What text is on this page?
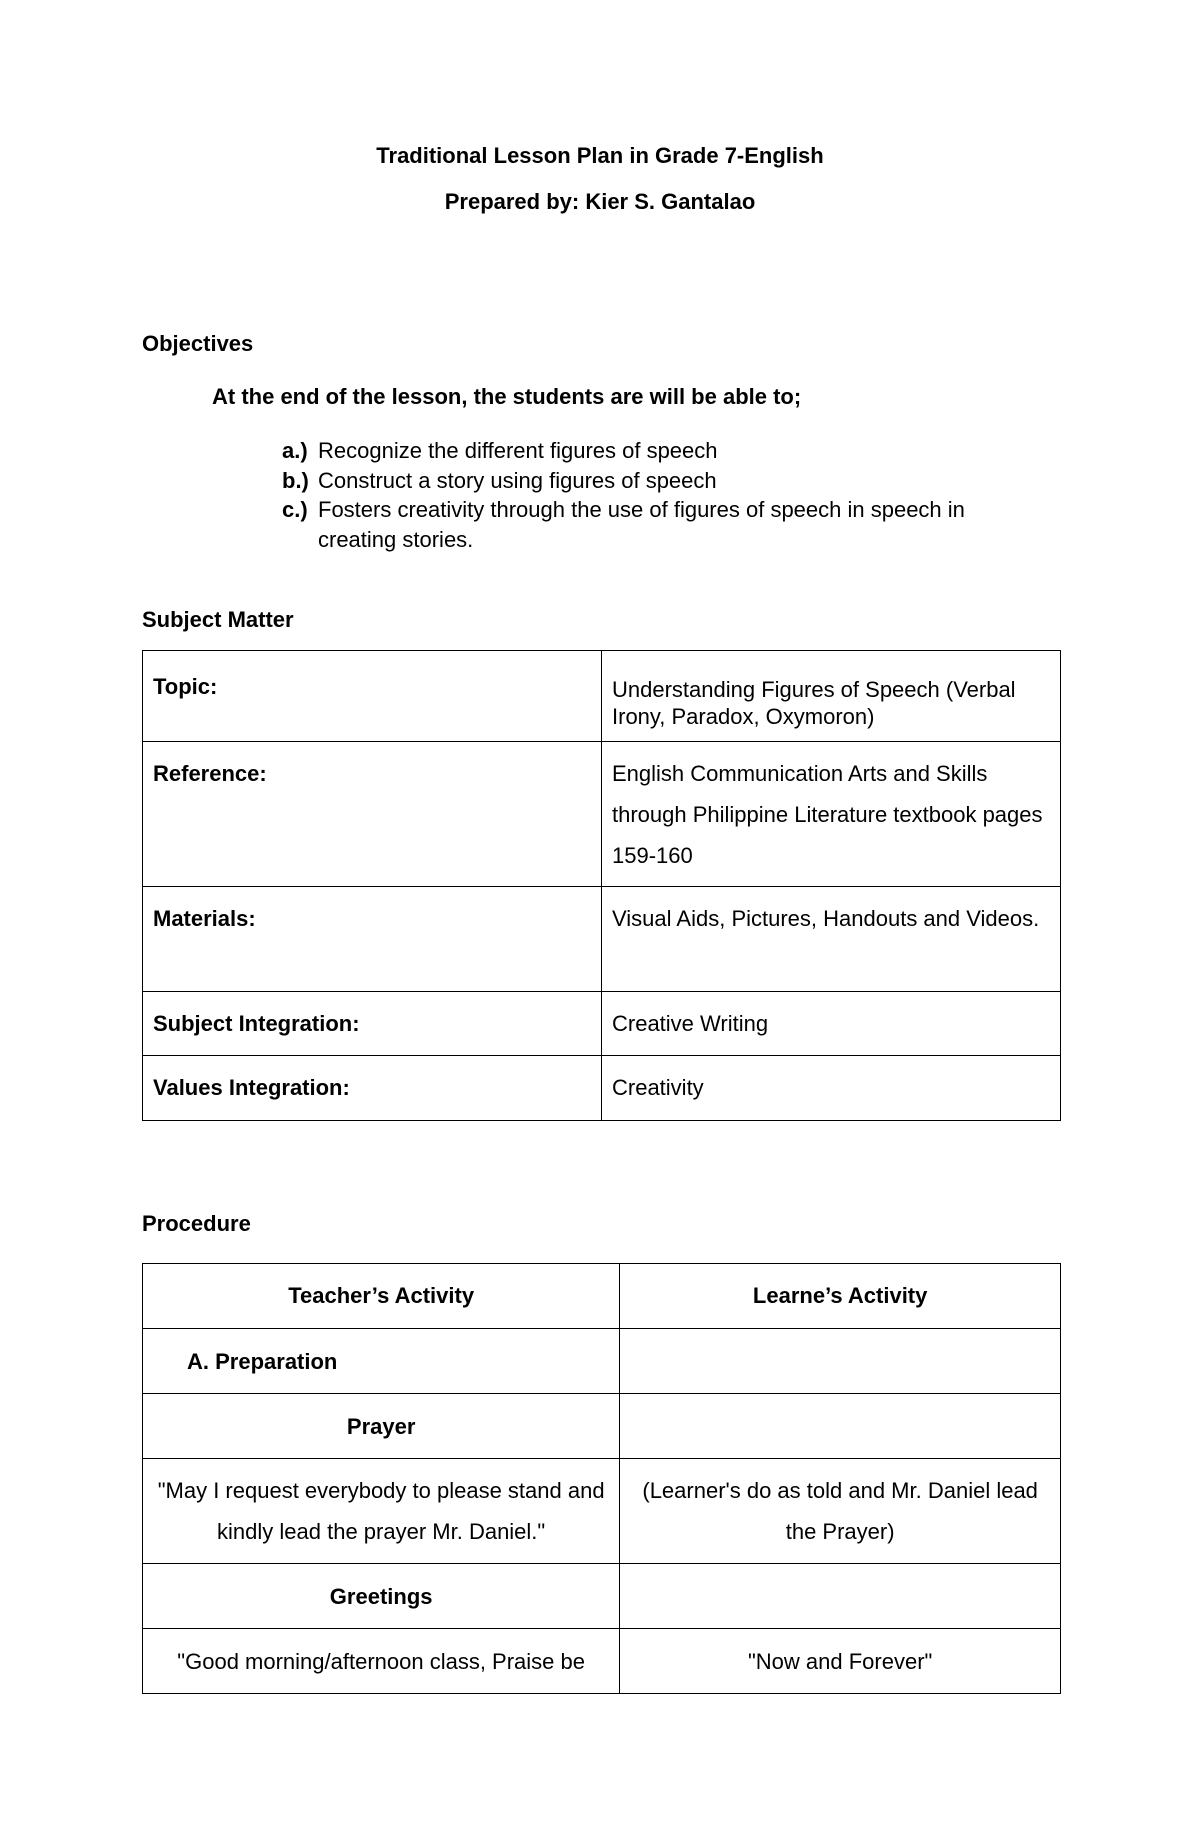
Traditional Lesson Plan in Grade 7-English
Prepared by: Kier S. Gantalao
Objectives
At the end of the lesson, the students are will be able to;
a.) Recognize the different figures of speech
b.) Construct a story using figures of speech
c.) Fosters creativity through the use of figures of speech in speech in creating stories.
Subject Matter
Topic:	Understanding Figures of Speech (Verbal Irony, Paradox, Oxymoron)
Reference:	English Communication Arts and Skills through Philippine Literature textbook pages 159-160
Materials:	Visual Aids, Pictures, Handouts and Videos.
Subject Integration:	Creative Writing
Values Integration:	Creativity
Procedure
Teacher’s Activity	Learne’s Activity
A. Preparation	
Prayer	
"May I request everybody to please stand and kindly lead the prayer Mr. Daniel."	(Learner's do as told and Mr. Daniel lead the Prayer)
Greetings	
"Good morning/afternoon class, Praise be	"Now and Forever"
